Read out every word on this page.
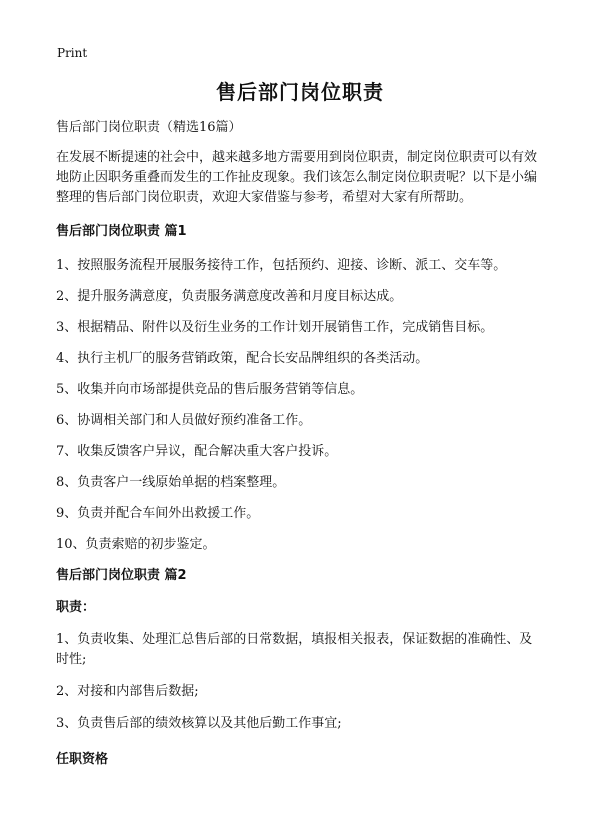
Print
售后部门岗位职责

售后部门岗位职责（精选16篇）

在发展不断提速的社会中，越来越多地方需要用到岗位职责，制定岗位职责可以有效地防止因职务重叠而发生的工作扯皮现象。我们该怎么制定岗位职责呢？以下是小编整理的售后部门岗位职责，欢迎大家借鉴与参考，希望对大家有所帮助。

售后部门岗位职责 篇1
1、按照服务流程开展服务接待工作，包括预约、迎接、诊断、派工、交车等。
2、提升服务满意度，负责服务满意度改善和月度目标达成。
3、根据精品、附件以及衍生业务的工作计划开展销售工作，完成销售目标。
4、执行主机厂的服务营销政策，配合长安品牌组织的各类活动。
5、收集并向市场部提供竞品的售后服务营销等信息。
6、协调相关部门和人员做好预约准备工作。
7、收集反馈客户异议，配合解决重大客户投诉。
8、负责客户一线原始单据的档案整理。
9、负责并配合车间外出救援工作。
10、负责索赔的初步鉴定。
售后部门岗位职责 篇2
职责：
1、负责收集、处理汇总售后部的日常数据，填报相关报表，保证数据的准确性、及时性;
2、对接和内部售后数据;
3、负责售后部的绩效核算以及其他后勤工作事宜;
任职资格
